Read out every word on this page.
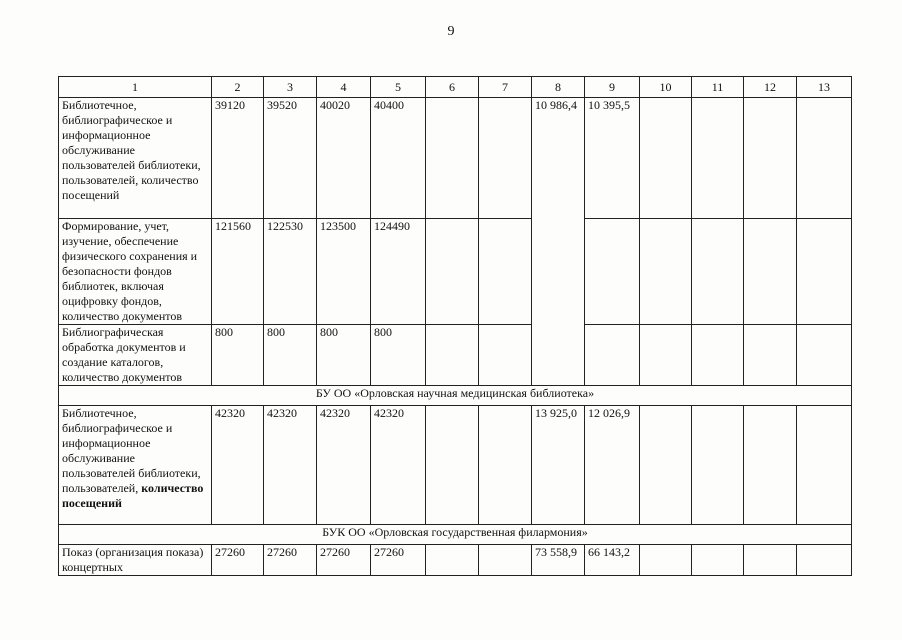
9
1	2	3	4	5	6	7	8	9	10	11	12	13
Библиотечное, библиографическое и информационное обслуживание пользователей библиотеки, пользователей, количество посещений	39120	39520	40020	40400			10 986,4	10 395,5				
Формирование, учет, изучение, обеспечение физического сохранения и безопасности фондов библиотек, включая оцифровку фондов, количество документов	121560	122530	123500	124490								
Библиографическая обработка документов и создание каталогов, количество документов	800	800	800	800								
БУ ОО «Орловская научная медицинская библиотека»												
Библиотечное, библиографическое и информационное обслуживание пользователей библиотеки, пользователей, количество посещений	42320	42320	42320	42320			13 925,0	12 026,9				
БУК ОО «Орловская государственная филармония»												
Показ (организация показа) концертных	27260	27260	27260	27260			73 558,9	66 143,2				
